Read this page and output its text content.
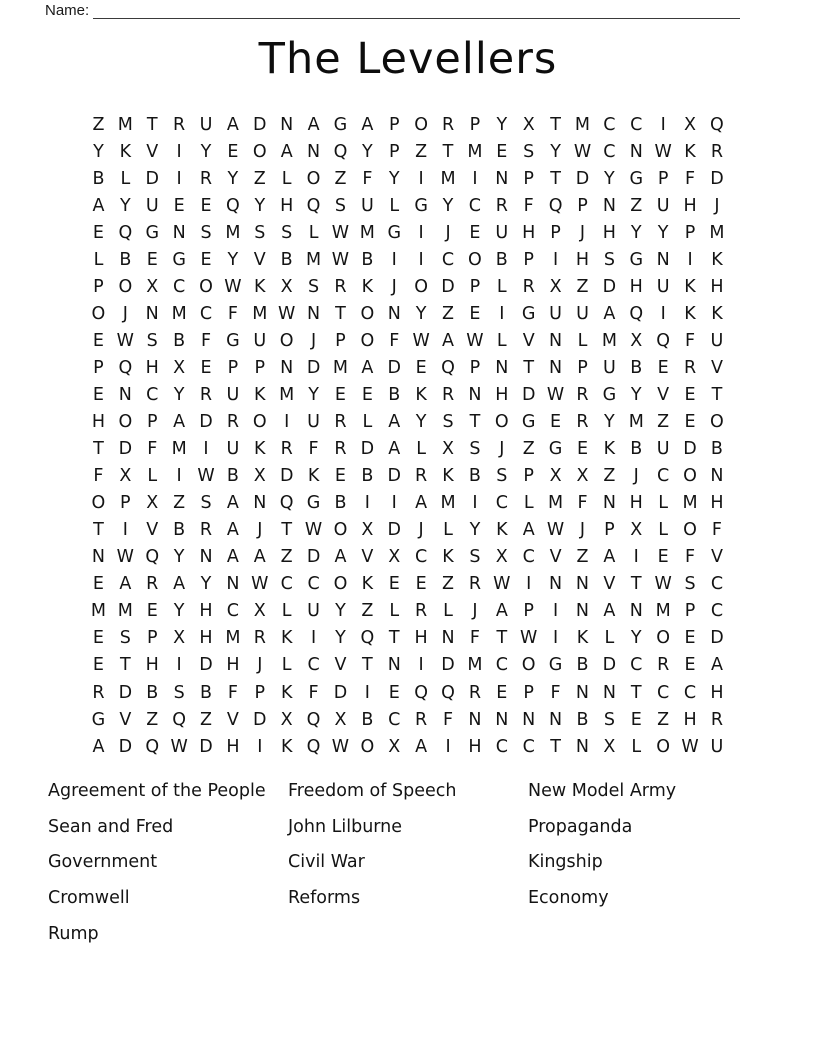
Name:
The Levellers
Z M T R U A D N A G A P O R P Y X T M C C	I	X Q
Y K V	I	Y E O A N Q Y P Z T M E S Y W C N W K R
B L D	I	R Y Z L O Z F Y	I M I	N P T D Y G P F D
A Y U E E Q Y H Q S U L G Y C R F Q P N Z U H	J
E Q G N S M S S L W M G	I	J	E U H P	J	H Y Y P M
L B E G E Y V B M W B	I	I	C O B P	I	H S G N	I	K
P O X C O W K X S R K	J O D P L R X Z D H U K H
O J	N M C F M W N T O N Y Z E	I	G U U A Q I	K K
E W S B F G U O J	P O F W A W L V N L M X Q F U
P Q H X E P P N D M A D E Q P N T N P U B E R V
E N C Y R U K M Y E E B K R N H D W R G Y V E T
H O P A D R O I	U R L A Y S T O G E R Y M Z E O
T D F M I	U K R F R D A L X S	J	Z G E K B U D B
F X L	I W B X D K E B D R K B S P X X Z	J	C O N
O P X Z S A N Q G B	I	I	A M I	C L M F N H L M H
T	I	V B R A	J	T W O X D	J	L Y K A W J	P X L O F
N W Q Y N A A Z D A V X C K S X C V Z A	I	E F V
E A R A Y N W C C O K E E Z R W I	N N V T W S C
M M E Y H C X L U Y Z L R L	J	A P	I	N A N M P C
E S P X H M R K	I	Y Q T H N F T W I	K L Y O E D
E T H	I	D H	J	L C V T N	I	D M C O G B D C R E A
R D B S B F P K F D	I	E Q Q R E P F N N T C C H
G V Z Q Z V D X Q X B C R F N N N N B S E Z H R
A D Q W D H	I	K Q W O X A	I	H C C T N X L O W U
Agreement of the People
Sean and Fred
Government
Cromwell
Rump
Freedom of Speech
John Lilburne
Civil War
Reforms
New Model Army
Propaganda
Kingship
Economy
